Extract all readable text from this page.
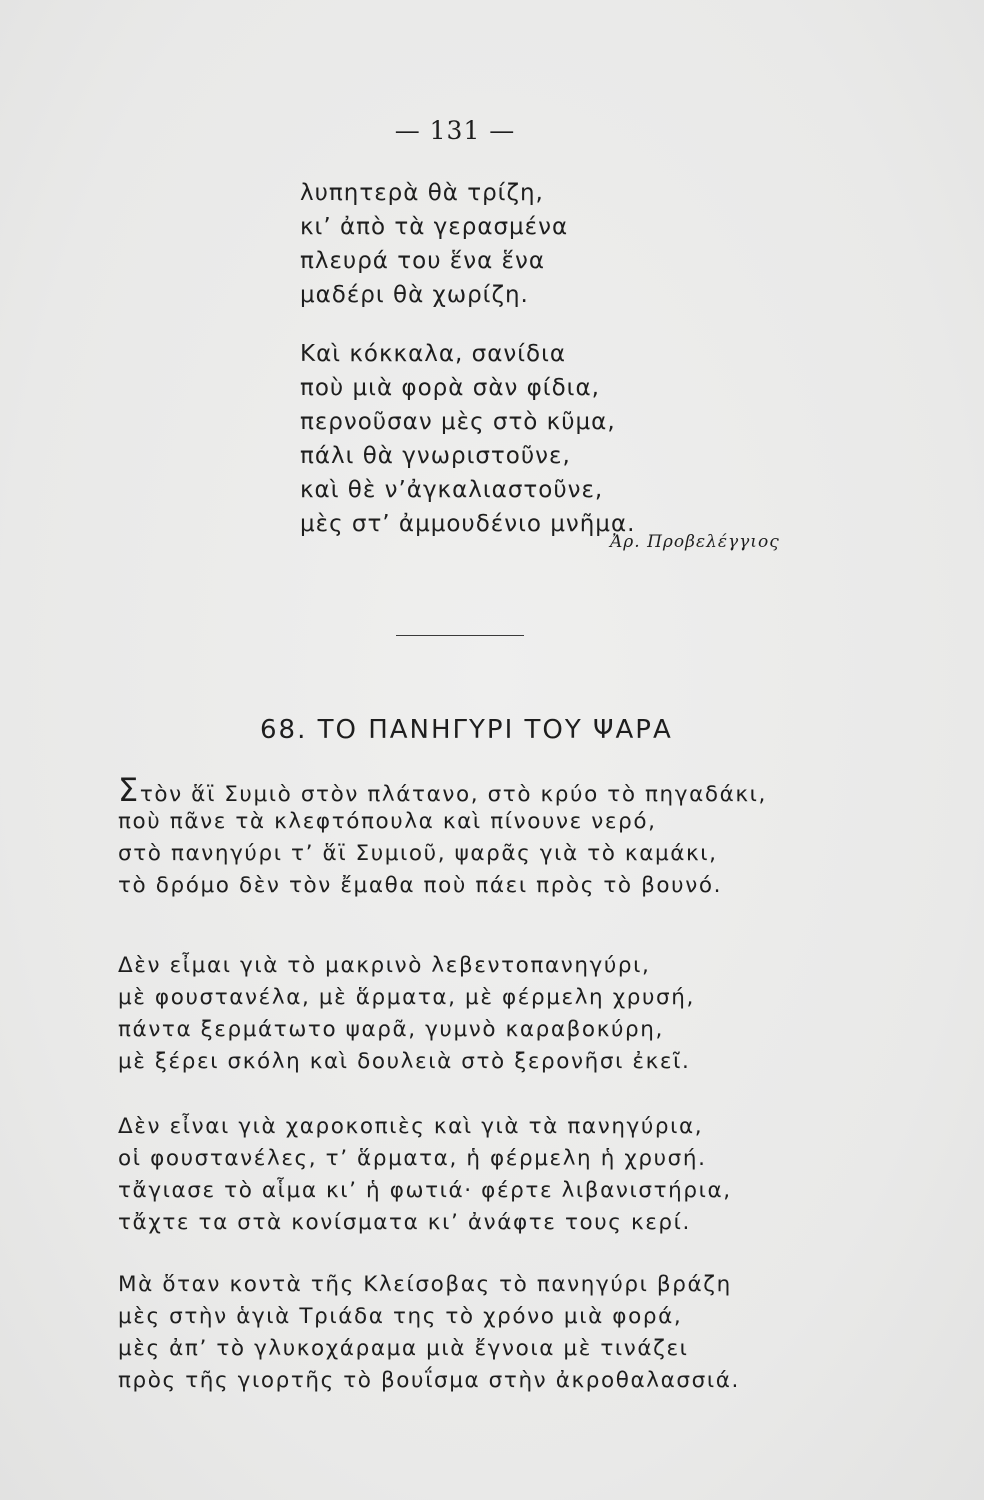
— 131 —
λυπητερὰ θὰ τρίζη,
κι’ ἀπὸ τὰ γερασμένα
πλευρά του ἕνα ἕνα
μαδέρι θὰ χωρίζη.
Καὶ κόκκαλα, σανίδια
ποὺ μιὰ φορὰ σὰν φίδια,
περνοῦσαν μὲς στὸ κῦμα,
πάλι θὰ γνωριστοῦνε,
καὶ θὲ ν’ἀγκαλιαστοῦνε,
μὲς στ’ ἀμμουδένιο μνῆμα.
Ἀρ. Προβελέγγιος
68. ΤΟ ΠΑΝΗΓΥΡΙ ΤΟΥ ΨΑΡΑ
Στὸν ἅϊ Συμιὸ στὸν πλάτανο, στὸ κρύο τὸ πηγαδάκι,
ποὺ πᾶνε τὰ κλεφτόπουλα καὶ πίνουνε νερό,
στὸ πανηγύρι τ’ ἅϊ Συμιοῦ, ψαρᾶς γιὰ τὸ καμάκι,
τὸ δρόμο δὲν τὸν ἔμαθα ποὺ πάει πρὸς τὸ βουνό.
Δὲν εἶμαι γιὰ τὸ μακρινὸ λεβεντοπανηγύρι,
μὲ φουστανέλα, μὲ ἅρματα, μὲ φέρμελη χρυσή,
πάντα ξερμάτωτο ψαρᾶ, γυμνὸ καραβοκύρη,
μὲ ξέρει σκόλη καὶ δουλειὰ στὸ ξερονῆσι ἐκεῖ.
Δὲν εἶναι γιὰ χαροκοπιὲς καὶ γιὰ τὰ πανηγύρια,
οἱ φουστανέλες, τ’ ἅρματα, ἡ φέρμελη ἡ χρυσή.
τἄγιασε τὸ αἷμα κι’ ἡ φωτιά· φέρτε λιβανιστήρια,
τἄχτε τα στὰ κονίσματα κι’ ἀνάφτε τους κερί.
Μὰ ὅταν κοντὰ τῆς Κλείσοβας τὸ πανηγύρι βράζη
μὲς στὴν ἁγιὰ Τριάδα της τὸ χρόνο μιὰ φορά,
μὲς ἀπ’ τὸ γλυκοχάραμα μιὰ ἔγνοια μὲ τινάζει
πρὸς τῆς γιορτῆς τὸ βουΐσμα στὴν ἀκροθαλασσιά.
